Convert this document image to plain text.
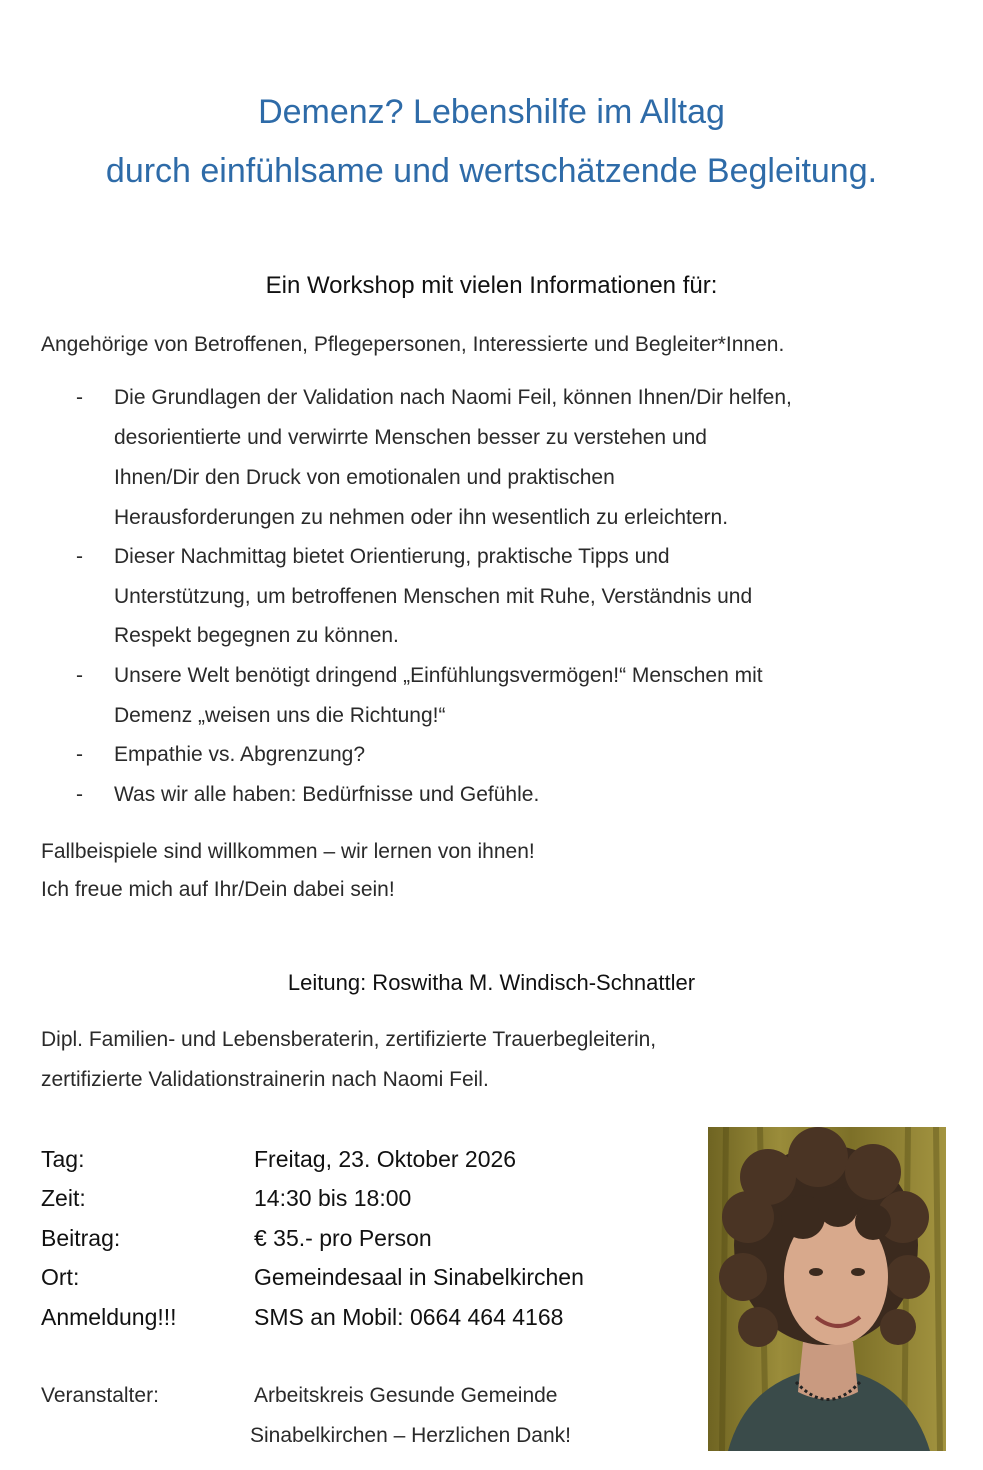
Demenz? Lebenshilfe im Alltag
durch einfühlsame und wertschätzende Begleitung.
Ein Workshop mit vielen Informationen für:
Angehörige von Betroffenen, Pflegepersonen, Interessierte und Begleiter*Innen.
- Die Grundlagen der Validation nach Naomi Feil, können Ihnen/Dir helfen,
desorientierte und verwirrte Menschen besser zu verstehen und
Ihnen/Dir den Druck von emotionalen und praktischen
Herausforderungen zu nehmen oder ihn wesentlich zu erleichtern.
- Dieser Nachmittag bietet Orientierung, praktische Tipps und
Unterstützung, um betroffenen Menschen mit Ruhe, Verständnis und
Respekt begegnen zu können.
- Unsere Welt benötigt dringend „Einfühlungsvermögen!“ Menschen mit
Demenz „weisen uns die Richtung!“
- Empathie vs. Abgrenzung?
- Was wir alle haben: Bedürfnisse und Gefühle.
Fallbeispiele sind willkommen – wir lernen von ihnen!
Ich freue mich auf Ihr/Dein dabei sein!
Leitung: Roswitha M. Windisch-Schnattler
Dipl. Familien- und Lebensberaterin, zertifizierte Trauerbegleiterin,
zertifizierte Validationstrainerin nach Naomi Feil.
Tag:	Freitag, 23. Oktober 2026
Zeit:	14:30 bis 18:00
Beitrag:	€ 35.- pro Person
Ort:	Gemeindesaal in Sinabelkirchen
Anmeldung!!!	SMS an Mobil: 0664 464 4168
Veranstalter:	Arbeitskreis Gesunde Gemeinde
Sinabelkirchen – Herzlichen Dank!
